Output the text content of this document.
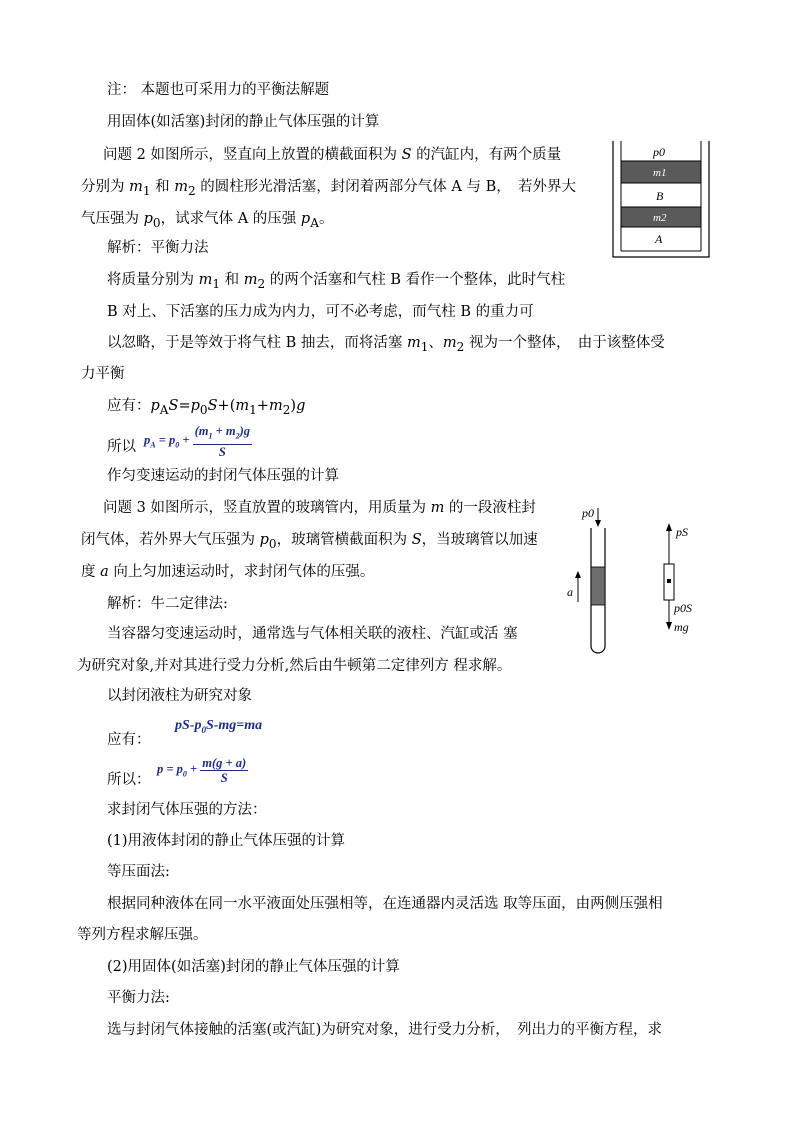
注： 本题也可采用力的平衡法解题
用固体(如活塞)封闭的静止气体压强的计算
问题 2 如图所示，竖直向上放置的横截面积为 S 的汽缸内，有两个质量
分别为 $m_1$ 和 $m_2$ 的圆柱形光滑活塞，封闭着两部分气体 A 与 B，　若外界大
气压强为 $p_0$，试求气体 A 的压强 $p_A$。
解析：平衡力法
p0
m1
B
m2
A
将质量分别为 $m_1$ 和 $m_2$ 的两个活塞和气柱 B 看作一个整体，此时气柱
B 对上、下活塞的压力成为内力，可不必考虑，而气柱 B 的重力可
以忽略，于是等效于将气柱 B 抽去，而将活塞 $m_1$、$m_2$ 视为一个整体，　由于该整体受
力平衡
应有：$p_AS=p_0S+(m_1+m_2)g$
所以 $p_A = p_0 + \frac{(m_1 + m_2)g}{S}$
作匀变速运动的封闭气体压强的计算
问题 3 如图所示，竖直放置的玻璃管内，用质量为 m 的一段液柱封
闭气体，若外界大气压强为 $p_0$，玻璃管横截面积为 S，当玻璃管以加速
度 a 向上匀加速运动时，求封闭气体的压强。
解析：牛二定律法:
当容器匀变速运动时，通常选与气体相关联的液柱、汽缸或活 塞
为研究对象,并对其进行受力分析,然后由牛顿第二定律列方 程求解。
以封闭液柱为研究对象
p0
a
pS
p0S
mg
$pS-p_0S-mg=ma$
应有：
所以：
$p = p_0 + \frac{m(g + a)}{S}$
求封闭气体压强的方法：
(1)用液体封闭的静止气体压强的计算
等压面法:
根据同种液体在同一水平液面处压强相等，在连通器内灵活选 取等压面，由两侧压强相
等列方程求解压强。
(2)用固体(如活塞)封闭的静止气体压强的计算
平衡力法:
选与封闭气体接触的活塞(或汽缸)为研究对象，进行受力分析，　列出力的平衡方程，求
